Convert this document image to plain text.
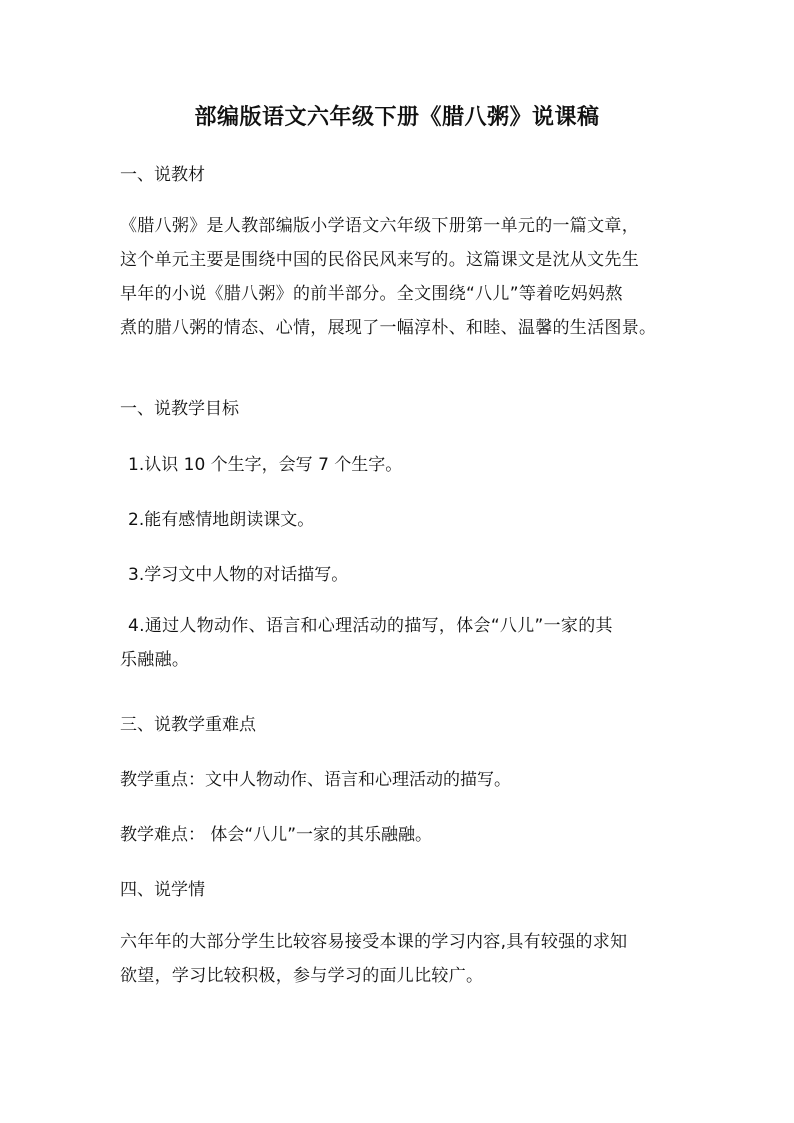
部编版语文六年级下册《腊八粥》说课稿
一、说教材
《腊八粥》是人教部编版小学语文六年级下册第一单元的一篇文章，
这个单元主要是围绕中国的民俗民风来写的。这篇课文是沈从文先生
早年的小说《腊八粥》的前半部分。全文围绕“八儿”等着吃妈妈熬
煮的腊八粥的情态、心情，展现了一幅淳朴、和睦、温馨的生活图景。
一、说教学目标
1.认识 10 个生字，会写 7 个生字。
2.能有感情地朗读课文。
3.学习文中人物的对话描写。
4.通过人物动作、语言和心理活动的描写，体会“八儿”一家的其
乐融融。
三、说教学重难点
教学重点：文中人物动作、语言和心理活动的描写。
教学难点： 体会“八儿”一家的其乐融融。
四、说学情
六年年的大部分学生比较容易接受本课的学习内容,具有较强的求知
欲望，学习比较积极，参与学习的面儿比较广。
